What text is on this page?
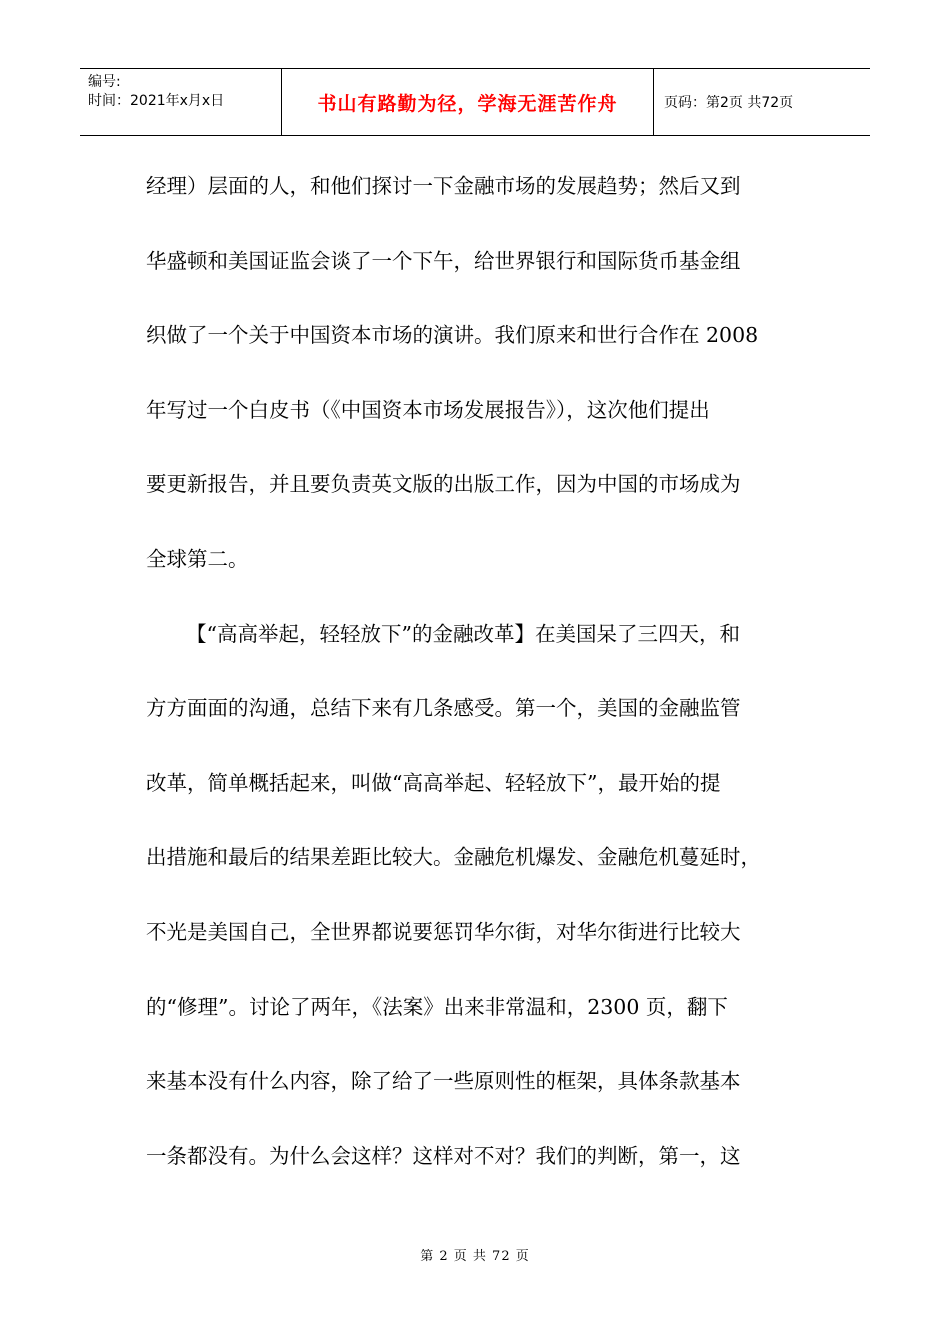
编号:
时间：2021年x月x日	书山有路勤为径，学海无涯苦作舟	页码：第2页 共72页
经理）层面的人，和他们探讨一下金融市场的发展趋势；然后又到
华盛顿和美国证监会谈了一个下午，给世界银行和国际货币基金组
织做了一个关于中国资本市场的演讲。我们原来和世行合作在 2008
年写过一个白皮书（《中国资本市场发展报告》），这次他们提出
要更新报告，并且要负责英文版的出版工作，因为中国的市场成为
全球第二。
【“高高举起，轻轻放下”的金融改革】在美国呆了三四天，和
方方面面的沟通，总结下来有几条感受。第一个，美国的金融监管
改革，简单概括起来，叫做“高高举起、轻轻放下”，最开始的提
出措施和最后的结果差距比较大。金融危机爆发、金融危机蔓延时，
不光是美国自己，全世界都说要惩罚华尔街，对华尔街进行比较大
的“修理”。讨论了两年，《法案》出来非常温和，2300 页，翻下
来基本没有什么内容，除了给了一些原则性的框架，具体条款基本
一条都没有。为什么会这样？这样对不对？我们的判断，第一，这
第 2 页 共 72 页
